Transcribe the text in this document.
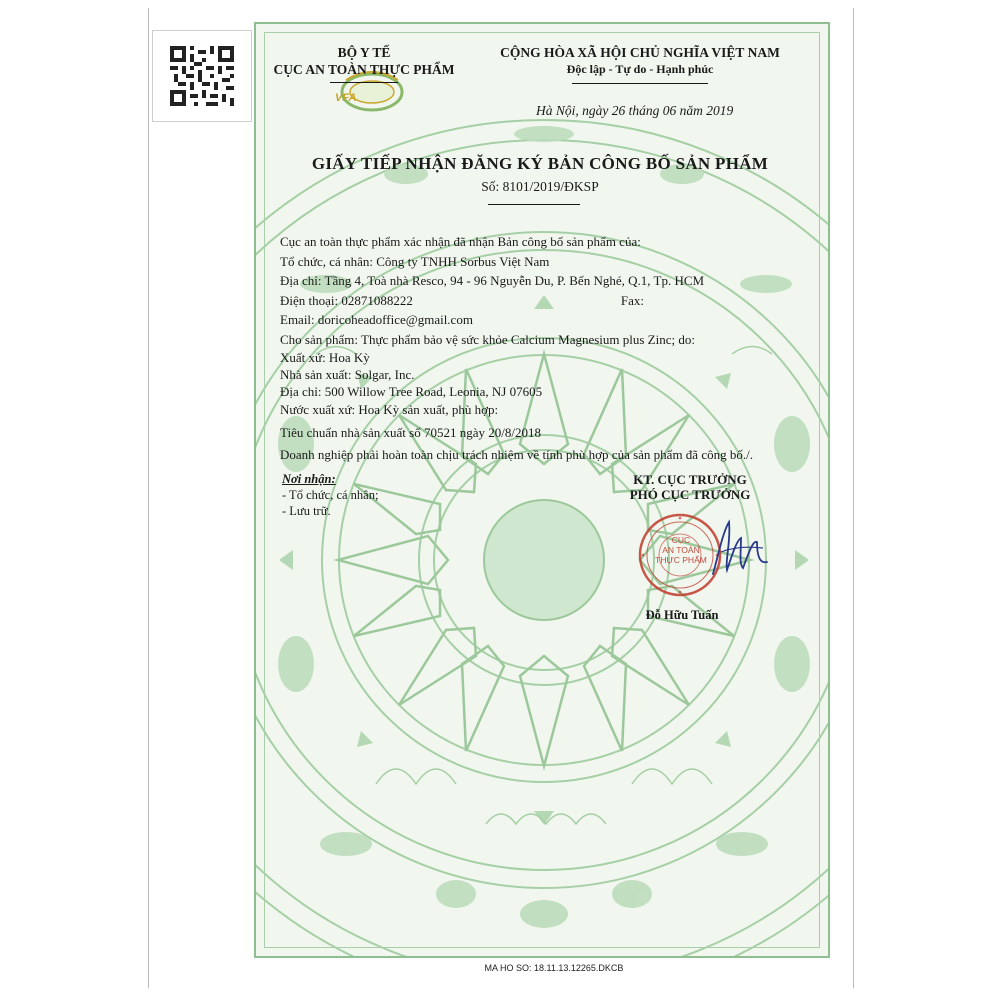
BỘ Y TẾ
CỤC AN TOÀN THỰC PHẨM
VFA
CỘNG HÒA XÃ HỘI CHỦ NGHĨA VIỆT NAM
Độc lập - Tự do - Hạnh phúc
Hà Nội, ngày 26 tháng 06 năm 2019
GIẤY TIẾP NHẬN ĐĂNG KÝ BẢN CÔNG BỐ SẢN PHẨM
Số: 8101/2019/ĐKSP
Cục an toàn thực phẩm xác nhận đã nhận Bản công bố sản phẩm của:
Tổ chức, cá nhân: Công ty TNHH Sorbus Việt Nam
Địa chỉ: Tầng 4, Toà nhà Resco, 94 - 96 Nguyễn Du, P. Bến Nghé, Q.1, Tp. HCM
Điện thoại: 02871088222	Fax:
Email: doricoheadoffice@gmail.com
Cho sản phẩm: Thực phẩm bảo vệ sức khỏe Calcium Magnesium plus Zinc; do:
Xuất xứ: Hoa Kỳ
Nhà sản xuất: Solgar, Inc.
Địa chỉ: 500 Willow Tree Road, Leonia, NJ 07605
Nước xuất xứ: Hoa Kỳ sản xuất, phù hợp:
Tiêu chuẩn nhà sản xuất số 70521 ngày 20/8/2018
Doanh nghiệp phải hoàn toàn chịu trách nhiệm về tính phù hợp của sản phẩm đã công bố./.
Nơi nhận:
- Tổ chức, cá nhân;
- Lưu trữ.
KT. CỤC TRƯỞNG
PHÓ CỤC TRƯỞNG
CỤC
AN TOÀN
THỰC PHẨM
Đỗ Hữu Tuấn
MA HO SO: 18.11.13.12265.DKCB
